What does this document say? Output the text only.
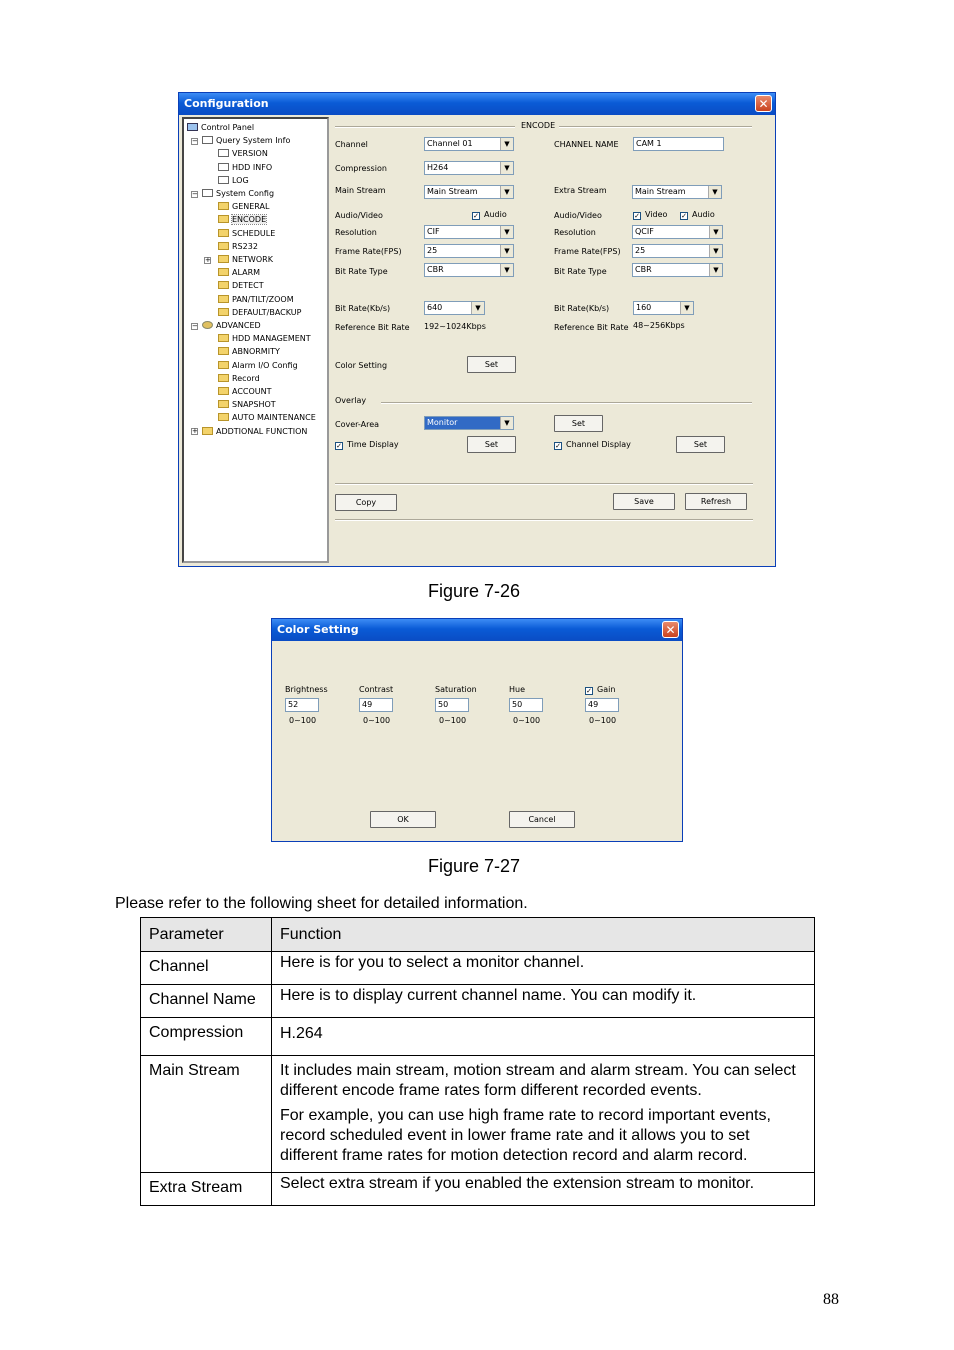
Configuration	✕
Control Panel
−	Query System Info
VERSION
HDD INFO
LOG
−	System Config
GENERAL
ENCODE
SCHEDULE
RS232
+	NETWORK
ALARM
DETECT
PAN/TILT/ZOOM
DEFAULT/BACKUP
−	ADVANCED
HDD MANAGEMENT
ABNORMITY
Alarm I/O Config
Record
ACCOUNT
SNAPSHOT
AUTO MAINTENANCE
+	ADDTIONAL FUNCTION
ENCODE
Channel	Channel 01	▼	CHANNEL NAME	CAM 1
Compression	H264	▼
Main Stream	Main Stream	▼	Extra Stream	Main Stream	▼
Audio/Video	✓ Audio	Audio/Video	✓ Video ✓ Audio
Resolution	CIF	▼	Resolution	QCIF	▼
Frame Rate(FPS)	25	▼	Frame Rate(FPS)	25	▼
Bit Rate Type	CBR	▼	Bit Rate Type	CBR	▼
Bit Rate(Kb/s)	640	▼	Bit Rate(Kb/s)	160	▼
Reference Bit Rate 192~1024Kbps	Reference Bit Rate 48~256Kbps
Color Setting	Set
Overlay
Cover-Area	Monitor	▼	Set
✓ Time Display	Set	✓ Channel Display	Set
Copy	Save	Refresh
Figure 7-26
Color Setting	✕
OK	Cancel
Brightness
52
0~100
Contrast
49
0~100
Saturation
50
0~100
Hue
50
0~100
✓ Gain
49
0~100
Figure 7-27
Please refer to the following sheet for detailed information.
Parameter	Function
Channel	Here is for you to select a monitor channel.

Channel Name	Here is to display current channel name. You can modify it.

Compression	H.264

Main Stream	It includes main stream, motion stream and alarm stream. You can select different encode frame rates form different recorded events.

For example, you can use high frame rate to record important events, record scheduled event in lower frame rate and it allows you to set different frame rates for motion detection record and alarm record.

Extra Stream	Select extra stream if you enabled the extension stream to monitor.

88
